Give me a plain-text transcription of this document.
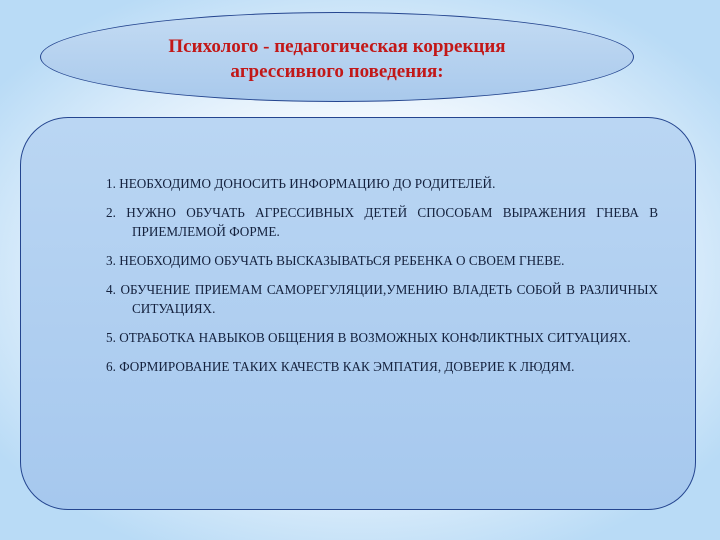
Психолого - педагогическая коррекция
агрессивного поведения:
1. НЕОБХОДИМО ДОНОСИТЬ ИНФОРМАЦИЮ ДО РОДИТЕЛЕЙ.
2. НУЖНО ОБУЧАТЬ АГРЕССИВНЫХ ДЕТЕЙ СПОСОБАМ ВЫРАЖЕНИЯ ГНЕВА В ПРИЕМЛЕМОЙ ФОРМЕ.
3. НЕОБХОДИМО ОБУЧАТЬ ВЫСКАЗЫВАТЬСЯ РЕБЕНКА О СВОЕМ ГНЕВЕ.
4. ОБУЧЕНИЕ ПРИЕМАМ САМОРЕГУЛЯЦИИ,УМЕНИЮ ВЛАДЕТЬ СОБОЙ В РАЗЛИЧНЫХ СИТУАЦИЯХ.
5. ОТРАБОТКА НАВЫКОВ ОБЩЕНИЯ В ВОЗМОЖНЫХ КОНФЛИКТНЫХ СИТУАЦИЯХ.
6. ФОРМИРОВАНИЕ ТАКИХ КАЧЕСТВ КАК ЭМПАТИЯ, ДОВЕРИЕ К ЛЮДЯМ.
